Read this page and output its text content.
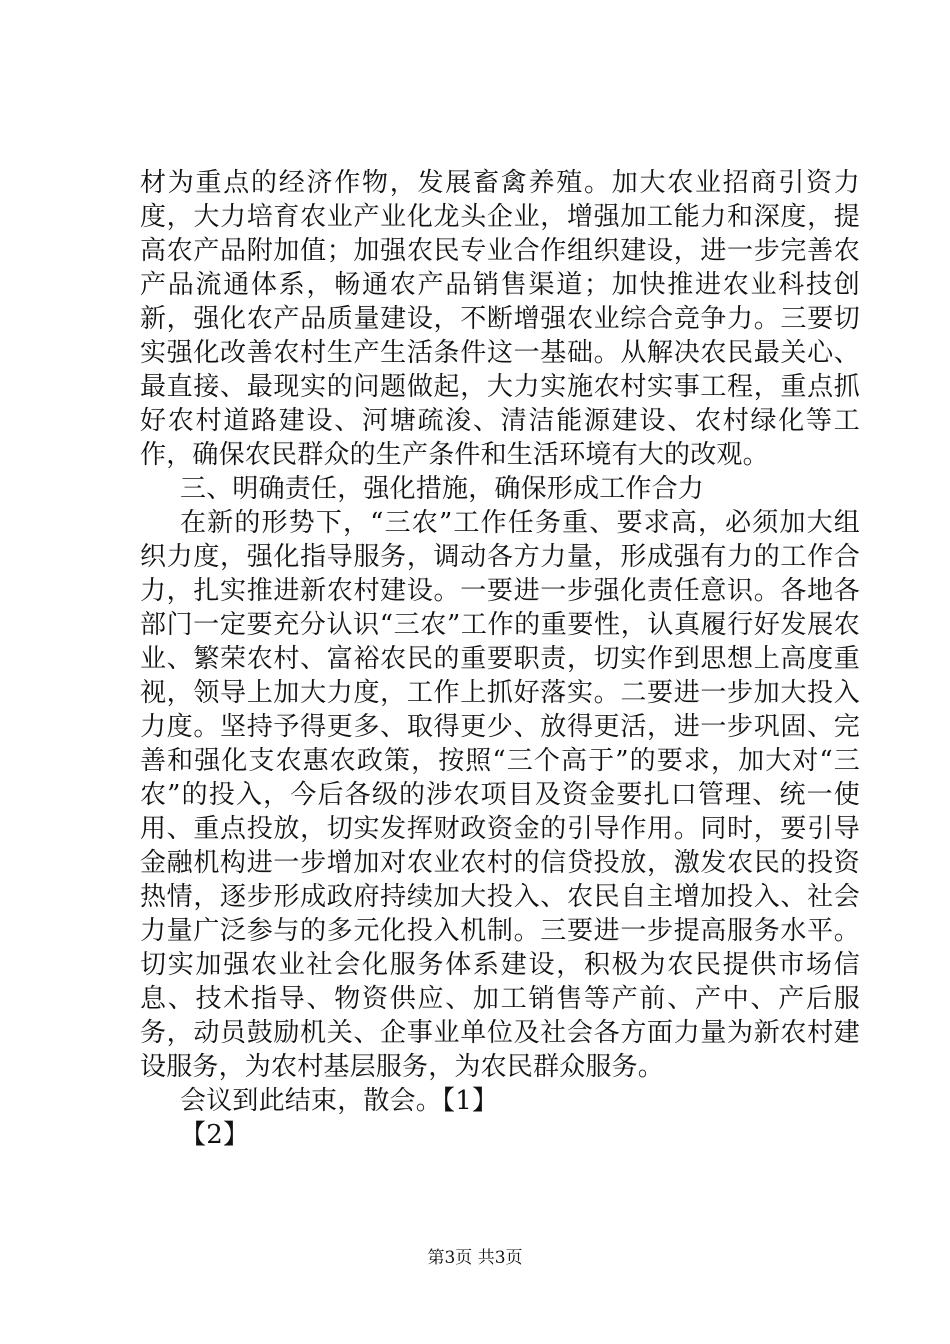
材为重点的经济作物，发展畜禽养殖。加大农业招商引资力度，大力培育农业产业化龙头企业，增强加工能力和深度，提高农产品附加值；加强农民专业合作组织建设，进一步完善农产品流通体系，畅通农产品销售渠道；加快推进农业科技创新，强化农产品质量建设，不断增强农业综合竞争力。三要切实强化改善农村生产生活条件这一基础。从解决农民最关心、最直接、最现实的问题做起，大力实施农村实事工程，重点抓好农村道路建设、河塘疏浚、清洁能源建设、农村绿化等工作，确保农民群众的生产条件和生活环境有大的改观。

三、明确责任，强化措施，确保形成工作合力

在新的形势下，“三农”工作任务重、要求高，必须加大组织力度，强化指导服务，调动各方力量，形成强有力的工作合力，扎实推进新农村建设。一要进一步强化责任意识。各地各部门一定要充分认识“三农”工作的重要性，认真履行好发展农业、繁荣农村、富裕农民的重要职责，切实作到思想上高度重视，领导上加大力度，工作上抓好落实。二要进一步加大投入力度。坚持予得更多、取得更少、放得更活，进一步巩固、完善和强化支农惠农政策，按照“三个高于”的要求，加大对“三农”的投入，今后各级的涉农项目及资金要扎口管理、统一使用、重点投放，切实发挥财政资金的引导作用。同时，要引导金融机构进一步增加对农业农村的信贷投放，激发农民的投资热情，逐步形成政府持续加大投入、农民自主增加投入、社会力量广泛参与的多元化投入机制。三要进一步提高服务水平。切实加强农业社会化服务体系建设，积极为农民提供市场信息、技术指导、物资供应、加工销售等产前、产中、产后服务，动员鼓励机关、企事业单位及社会各方面力量为新农村建设服务，为农村基层服务，为农民群众服务。

会议到此结束，散会。【1】

【2】

第3页 共3页
